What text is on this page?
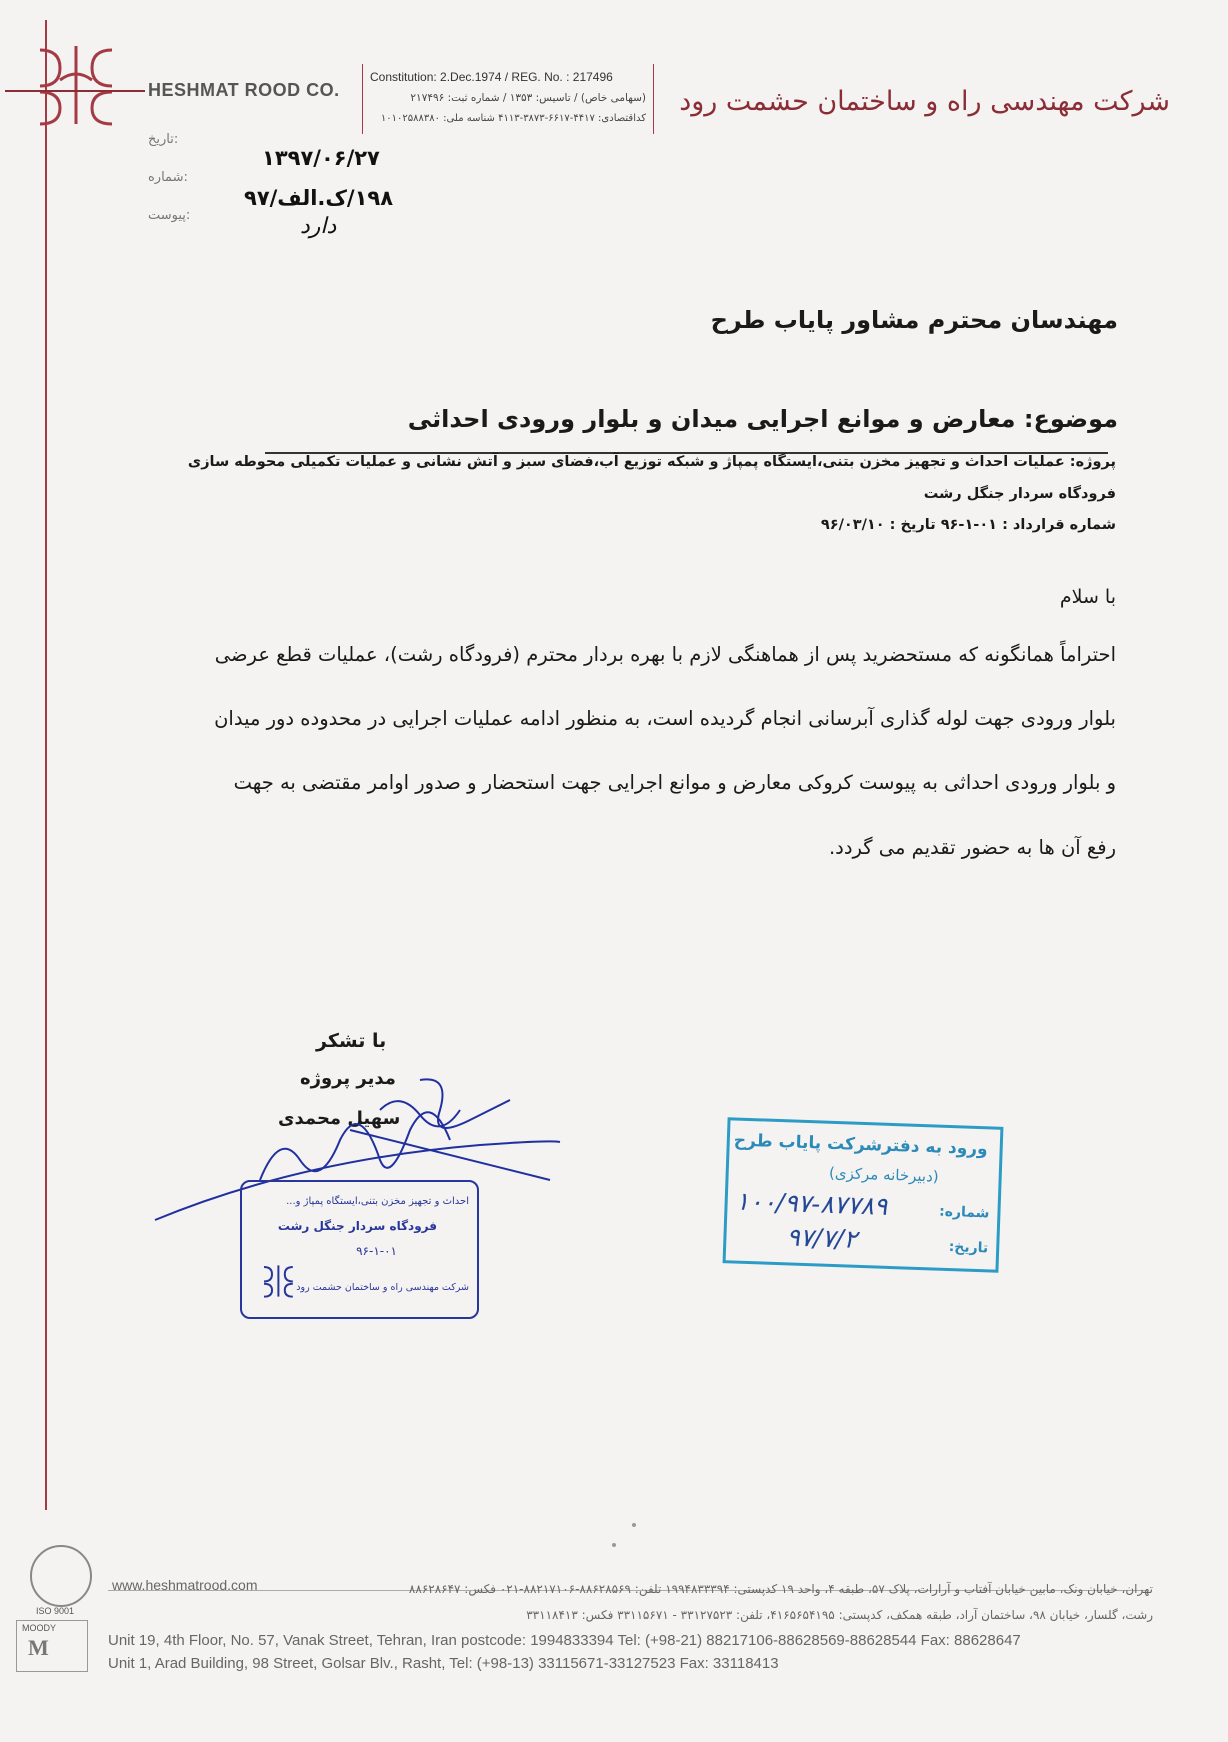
HESHMAT ROOD CO.
Constitution: 2.Dec.1974 / REG. No. : 217496
(سهامی خاص) / تاسیس: ۱۳۵۳ / شماره ثبت: ۲۱۷۴۹۶
کداقتصادی: ۴۴۱۷-۶۶۱۷-۳۸۷۳-۴۱۱۳ شناسه ملی: ۱۰۱۰۲۵۸۸۳۸۰
شرکت مهندسی راه و ساختمان حشمت رود
:تاریخ
:شماره
:پیوست
۱۳۹۷/۰۶/۲۷
۱۹۸/ک.الف/۹۷
دارد
مهندسان محترم مشاور پایاب طرح
موضوع: معارض و موانع اجرایی میدان و بلوار ورودی احداثی
پروژه: عملیات احداث و تجهیز مخزن بتنی،ایستگاه پمپاژ و شبکه توزیع آب،فضای سبز و آتش نشانی و عملیات تکمیلی محوطه سازی
فرودگاه سردار جنگل رشت
شماره قرارداد : ۰۱-۱-۹۶ تاریخ : ۹۶/۰۳/۱۰
با سلام
احتراماً همانگونه که مستحضرید پس از هماهنگی لازم با بهره بردار محترم (فرودگاه رشت)، عملیات قطع عرضی
بلوار ورودی جهت لوله گذاری آبرسانی انجام گردیده است، به منظور ادامه عملیات اجرایی در محدوده دور میدان
و بلوار ورودی احداثی به پیوست کروکی معارض و موانع اجرایی جهت استحضار و صدور اوامر مقتضی به جهت
رفع آن ها به حضور تقدیم می گردد.
با تشکر
مدیر پروژه
سهیل محمدی
احداث و تجهیز مخزن بتنی،ایستگاه پمپاژ و...
فرودگاه سردار جنگل رشت
۹۶-۱-۰۱
شرکت مهندسی راه و ساختمان حشمت رود
ورود به دفترشرکت پایاب طرح
(دبیرخانه مرکزی)
شماره:
تاریخ:
۱۰۰/۹۷-۸۷۷۸۹
۹۷/۷/۲
ISO 9001
MOODY
M
www.heshmatrood.com	تهران، خیابان ونک، مابین خیابان آفتاب و آرارات، پلاک ۵۷، طبقه ۴، واحد ۱۹ کدپستی: ۱۹۹۴۸۳۳۳۹۴ تلفن: ۸۸۶۲۸۵۶۹-۸۸۲۱۷۱۰۶-۰۲۱ فکس: ۸۸۶۲۸۶۴۷
رشت، گلسار، خیابان ۹۸، ساختمان آراد، طبقه همکف، کدپستی: ۴۱۶۵۶۵۴۱۹۵، تلفن: ۳۳۱۲۷۵۲۳ - ۳۳۱۱۵۶۷۱ فکس: ۳۳۱۱۸۴۱۳
Unit 19, 4th Floor, No. 57, Vanak Street, Tehran, Iran postcode: 1994833394 Tel: (+98-21) 88217106-88628569-88628544 Fax: 88628647
Unit 1, Arad Building, 98 Street, Golsar Blv., Rasht, Tel: (+98-13) 33115671-33127523 Fax: 33118413
